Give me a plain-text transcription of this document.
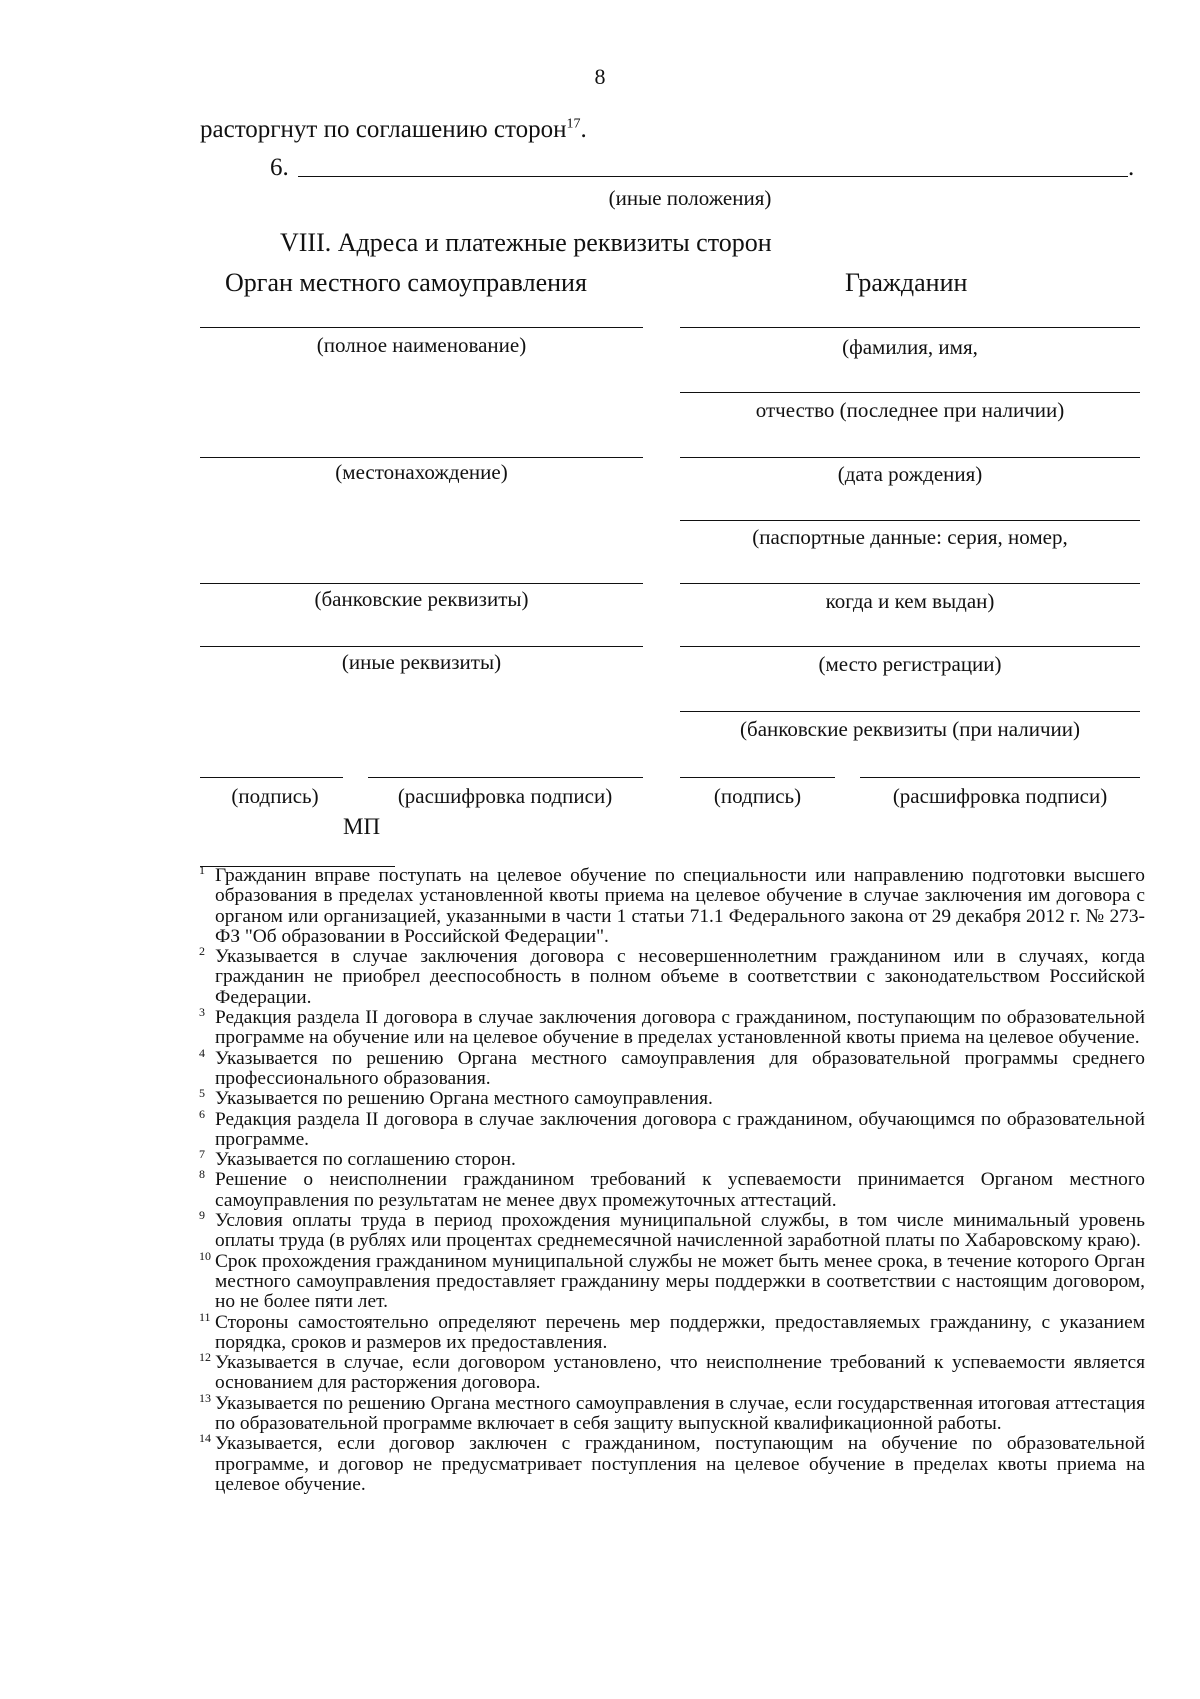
8
расторгнут по соглашению сторон$^{17}$.
6.	.
(иные положения)
VIII. Адреса и платежные реквизиты сторон
Орган местного самоуправления	Гражданин
(полное наименование)
(местонахождение)
(банковские реквизиты)
(иные реквизиты)
(подпись)	(расшифровка подписи)
МП
(фамилия, имя,
отчество (последнее при наличии)
(дата рождения)
(паспортные данные: серия, номер,
когда и кем выдан)
(место регистрации)
(банковские реквизиты (при наличии)
(подпись)	(расшифровка подписи)
1 Гражданин вправе поступать на целевое обучение по специальности или направлению подготовки высшего образования в пределах установленной квоты приема на целевое обучение в случае заключения им договора с органом или организацией, указанными в части 1 статьи 71.1 Федерального закона от 29 декабря 2012 г. № 273-ФЗ "Об образовании в Российской Федерации".
2 Указывается в случае заключения договора с несовершеннолетним гражданином или в случаях, когда гражданин не приобрел дееспособность в полном объеме в соответствии с законодательством Российской Федерации.
3 Редакция раздела II договора в случае заключения договора с гражданином, поступающим по образовательной программе на обучение или на целевое обучение в пределах установленной квоты приема на целевое обучение.
4 Указывается по решению Органа местного самоуправления для образовательной программы среднего профессионального образования.
5 Указывается по решению Органа местного самоуправления.
6 Редакция раздела II договора в случае заключения договора с гражданином, обучающимся по образовательной программе.
7 Указывается по соглашению сторон.
8 Решение о неисполнении гражданином требований к успеваемости принимается Органом местного самоуправления по результатам не менее двух промежуточных аттестаций.
9 Условия оплаты труда в период прохождения муниципальной службы, в том числе минимальный уровень оплаты труда (в рублях или процентах среднемесячной начисленной заработной платы по Хабаровскому краю).
10 Срок прохождения гражданином муниципальной службы не может быть менее срока, в течение которого Орган местного самоуправления предоставляет гражданину меры поддержки в соответствии с настоящим договором, но не более пяти лет.
11 Стороны самостоятельно определяют перечень мер поддержки, предоставляемых гражданину, с указанием порядка, сроков и размеров их предоставления.
12 Указывается в случае, если договором установлено, что неисполнение требований к успеваемости является основанием для расторжения договора.
13 Указывается по решению Органа местного самоуправления в случае, если государственная итоговая аттестация по образовательной программе включает в себя защиту выпускной квалификационной работы.
14 Указывается, если договор заключен с гражданином, поступающим на обучение по образовательной программе, и договор не предусматривает поступления на целевое обучение в пределах квоты приема на целевое обучение.
